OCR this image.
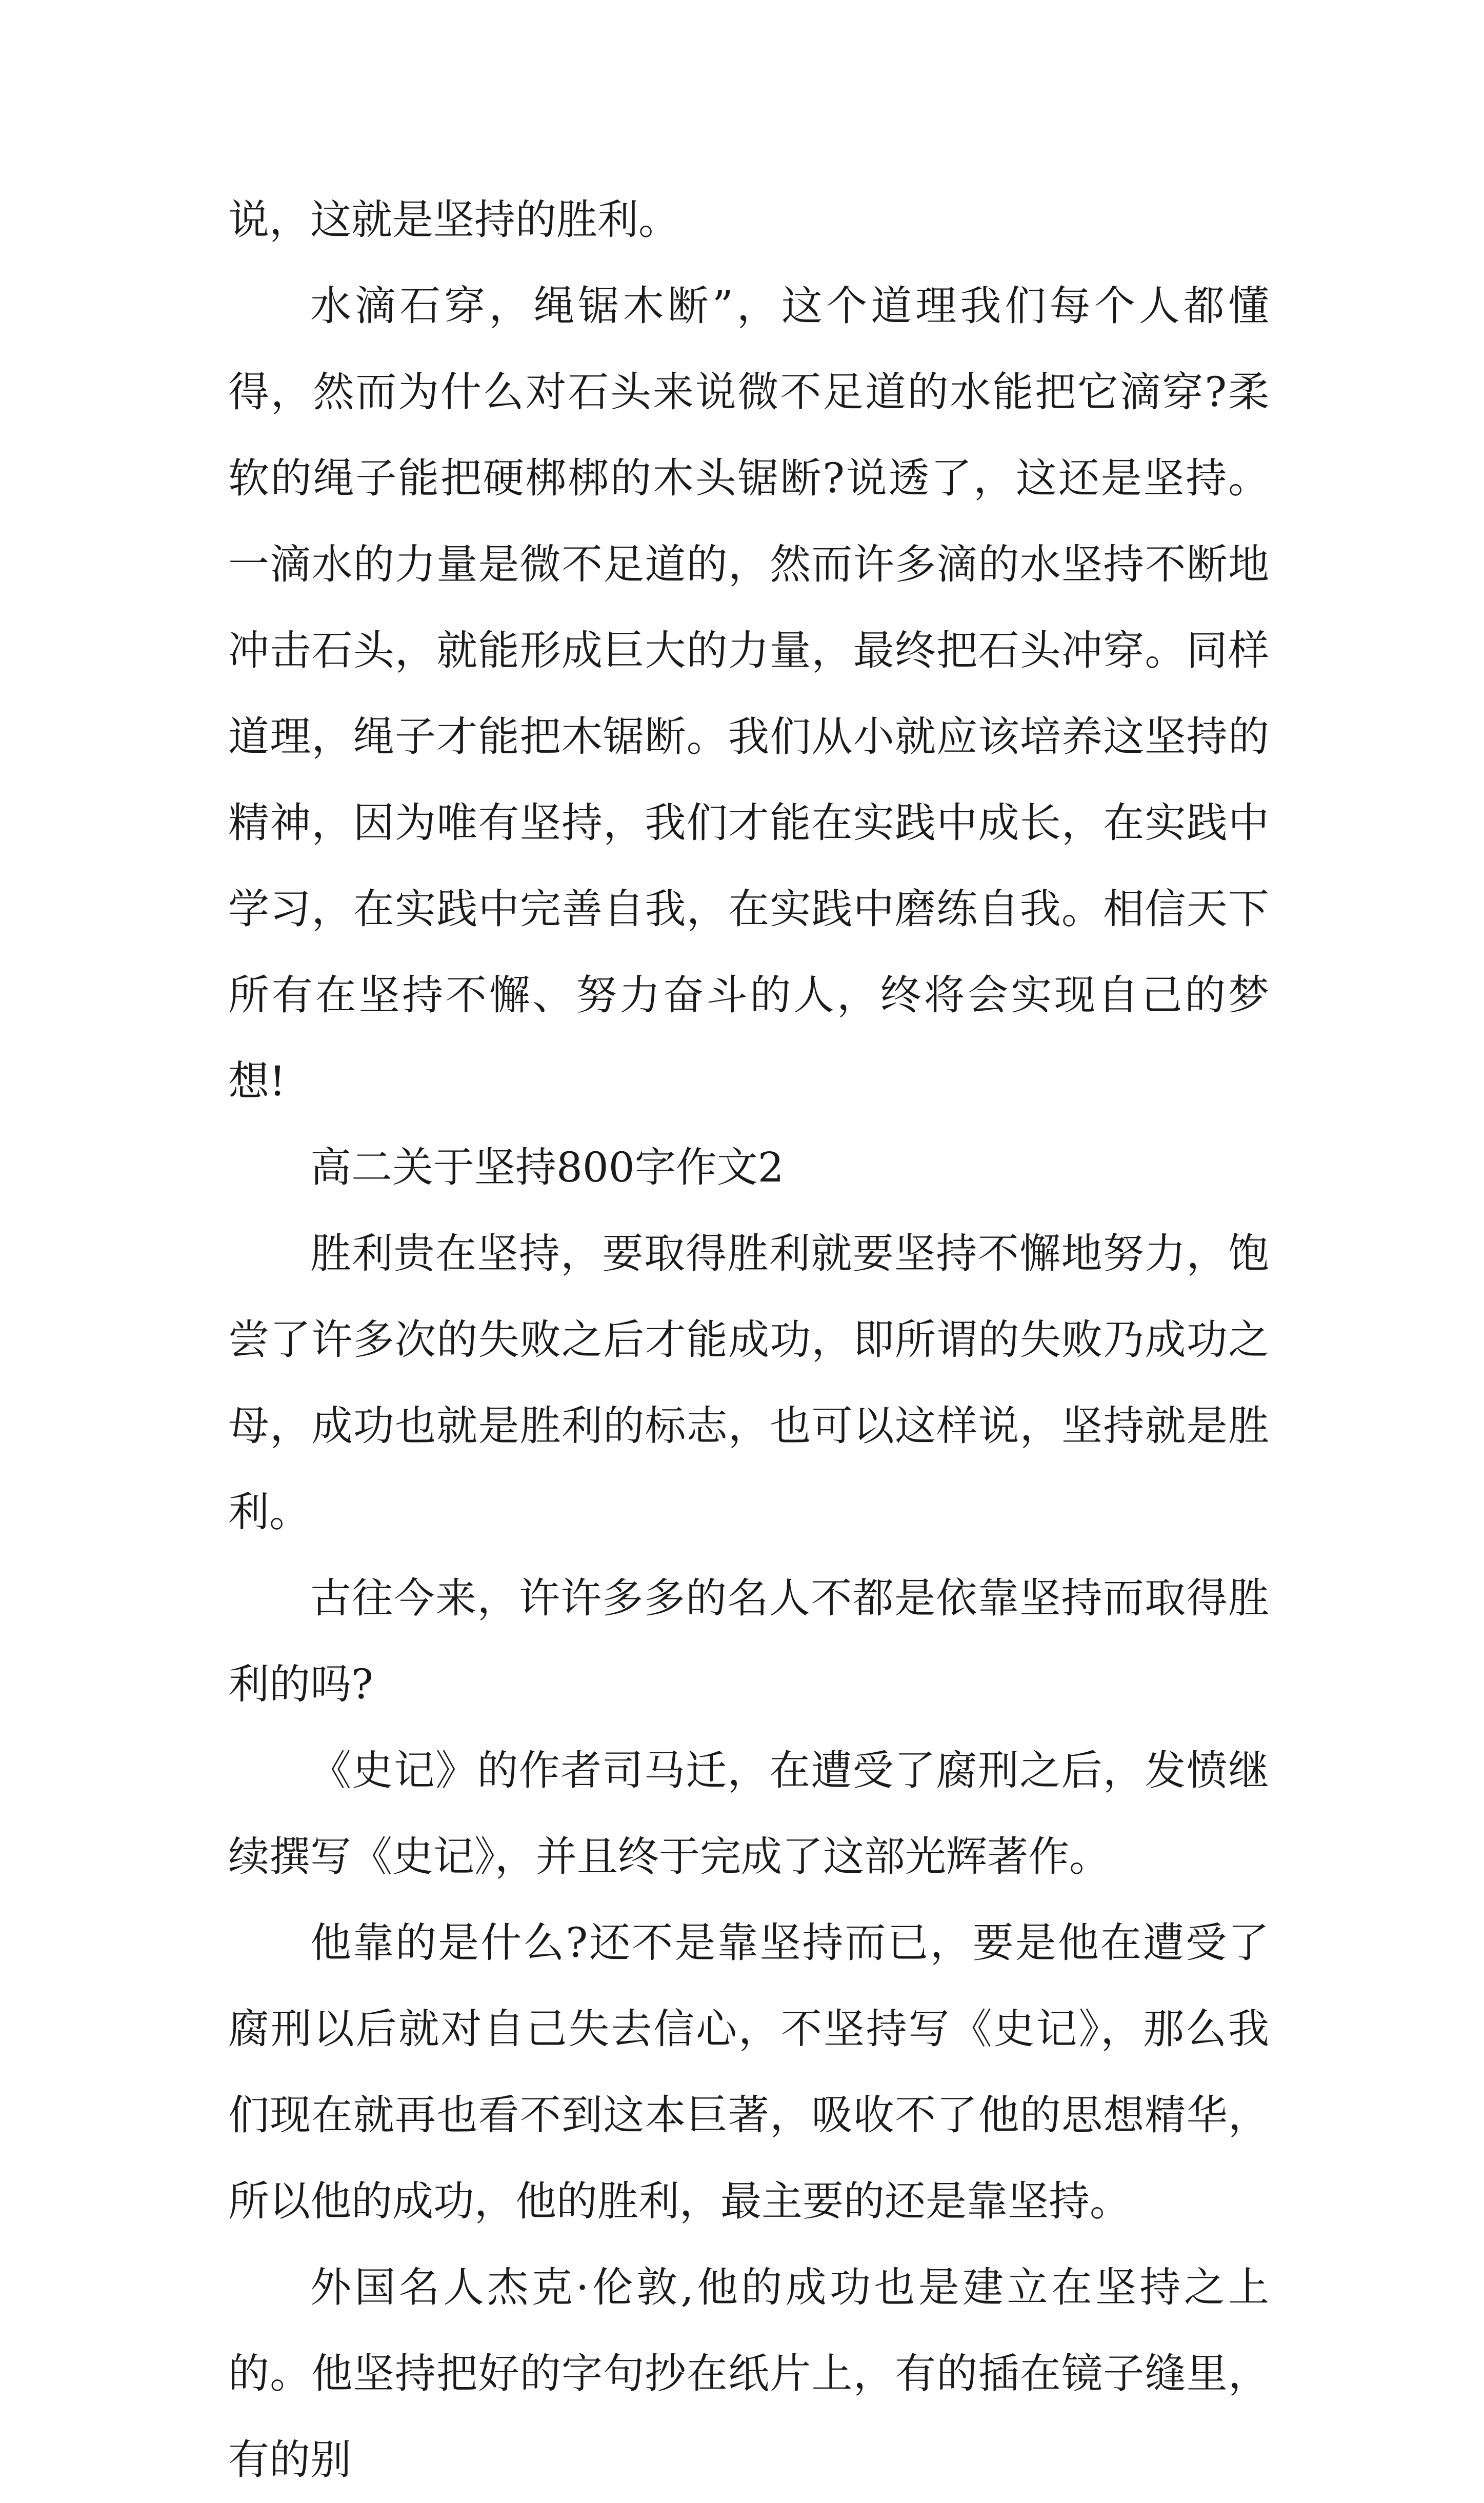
说，这就是坚持的胜利。

水滴石穿，绳锯木断”，这个道理我们每个人都懂得，然而为什么对石头来说微不足道的水能把它滴穿?柔软的绳子能把硬梆梆的木头锯断?说透了，这还是坚持。一滴水的力量是微不足道的，然而许多滴的水坚持不断地冲击石头，就能形成巨大的力量，最终把石头冲穿。同样道理，绳子才能把木锯断。我们从小就应该培养这坚持的精神，因为唯有坚持，我们才能在实践中成长，在实践中学习，在实践中完善自我，在实践中磨练自我。相信天下所有在坚持不懈、努力奋斗的人，终将会实现自己的梦想!

高二关于坚持800字作文2

胜利贵在坚持，要取得胜利就要坚持不懈地努力，饱尝了许多次的失败之后才能成功，即所谓的失败乃成功之母，成功也就是胜利的标志，也可以这样说，坚持就是胜利。

古往今来，许许多多的名人不都是依靠坚持而取得胜利的吗?

《史记》的作者司马迁，在遭受了腐刑之后，发愤继续撰写《史记》，并且终于完成了这部光辉著作。

他靠的是什么?还不是靠坚持而已，要是他在遭受了腐刑以后就对自己失去信心，不坚持写《史记》，那么我们现在就再也看不到这本巨著，吸收不了他的思想精华，所以他的成功，他的胜利，最主要的还是靠坚持。

外国名人杰克·伦敦,他的成功也是建立在坚持之上的。他坚持把好的字句抄在纸片上，有的插在镜子缝里，有的别
